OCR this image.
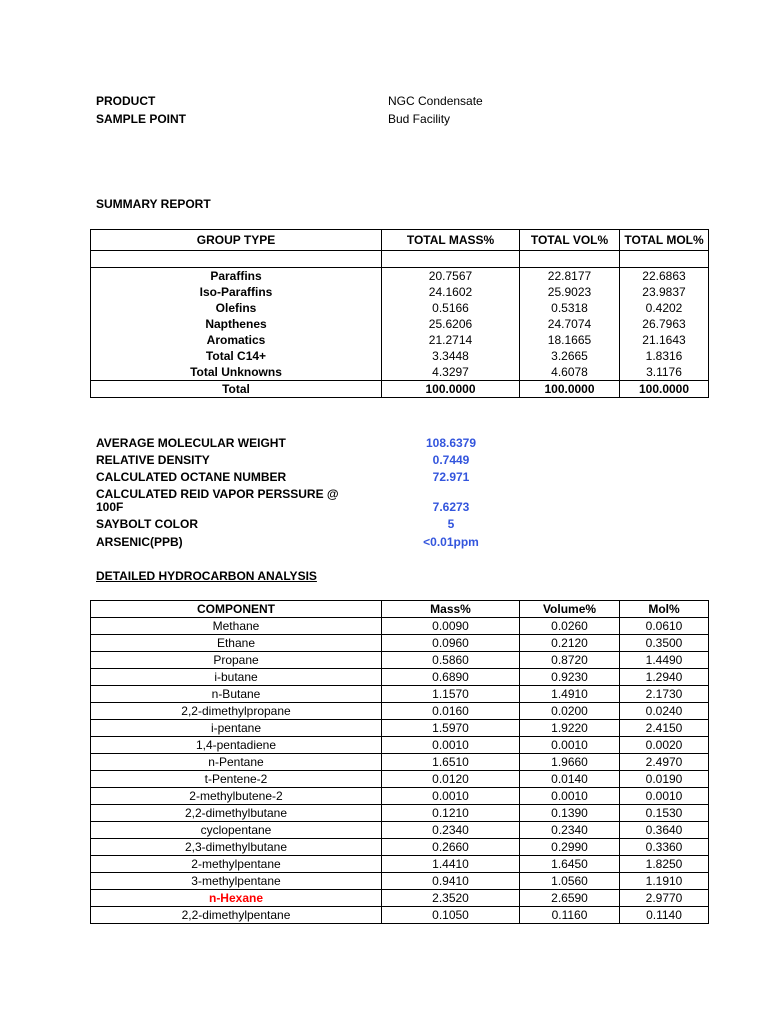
PRODUCT	NGC Condensate
SAMPLE POINT	Bud Facility
SUMMARY REPORT
GROUP TYPE	TOTAL MASS%	TOTAL VOL%	TOTAL MOL%

Paraffins	20.7567	22.8177	22.6863
Iso-Paraffins	24.1602	25.9023	23.9837
Olefins	0.5166	0.5318	0.4202
Napthenes	25.6206	24.7074	26.7963
Aromatics	21.2714	18.1665	21.1643
Total C14+	3.3448	3.2665	1.8316
Total Unknowns	4.3297	4.6078	3.1176
Total	100.0000	100.0000	100.0000
AVERAGE MOLECULAR WEIGHT	108.6379
RELATIVE DENSITY	0.7449
CALCULATED OCTANE NUMBER	72.971
CALCULATED REID VAPOR PERSSURE @
100F	7.6273
SAYBOLT COLOR	5
ARSENIC(PPB)	<0.01ppm
DETAILED HYDROCARBON ANALYSIS
COMPONENT	Mass%	Volume%	Mol%
Methane	0.0090	0.0260	0.0610
Ethane	0.0960	0.2120	0.3500
Propane	0.5860	0.8720	1.4490
i-butane	0.6890	0.9230	1.2940
n-Butane	1.1570	1.4910	2.1730
2,2-dimethylpropane	0.0160	0.0200	0.0240
i-pentane	1.5970	1.9220	2.4150
1,4-pentadiene	0.0010	0.0010	0.0020
n-Pentane	1.6510	1.9660	2.4970
t-Pentene-2	0.0120	0.0140	0.0190
2-methylbutene-2	0.0010	0.0010	0.0010
2,2-dimethylbutane	0.1210	0.1390	0.1530
cyclopentane	0.2340	0.2340	0.3640
2,3-dimethylbutane	0.2660	0.2990	0.3360
2-methylpentane	1.4410	1.6450	1.8250
3-methylpentane	0.9410	1.0560	1.1910
n-Hexane	2.3520	2.6590	2.9770
2,2-dimethylpentane	0.1050	0.1160	0.1140
